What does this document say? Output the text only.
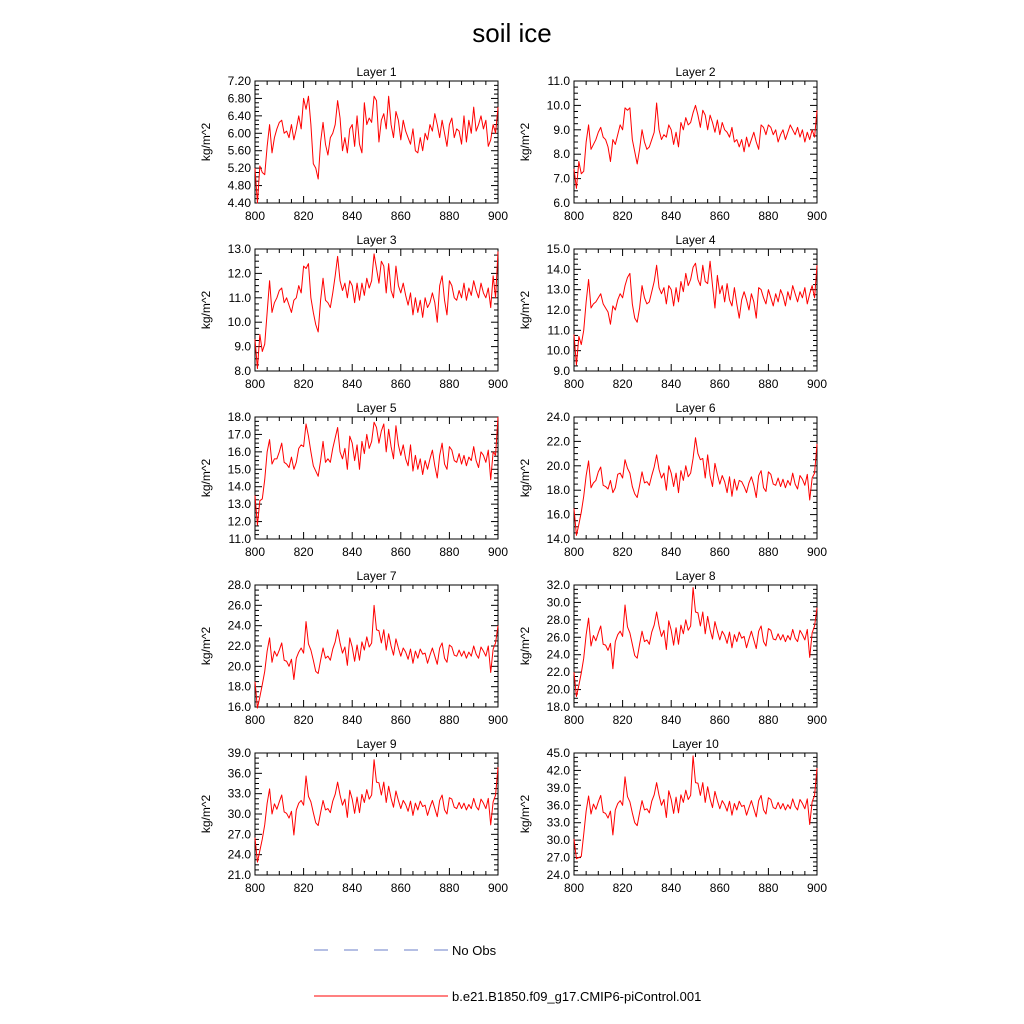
soil ice
Layer 1
4.40
4.80
5.20
5.60
6.00
6.40
6.80
7.20
800 820 840 860 880 900
kg/m^2
Layer 2
6.0
7.0
8.0
9.0
10.0
11.0
800 820 840 860 880 900
kg/m^2
Layer 3
8.0
9.0
10.0
11.0
12.0
13.0
800 820 840 860 880 900
kg/m^2
Layer 4
9.0
10.0
11.0
12.0
13.0
14.0
15.0
800 820 840 860 880 900
kg/m^2
Layer 5
11.0
12.0
13.0
14.0
15.0
16.0
17.0
18.0
800 820 840 860 880 900
kg/m^2
Layer 6
14.0
16.0
18.0
20.0
22.0
24.0
800 820 840 860 880 900
kg/m^2
Layer 7
16.0
18.0
20.0
22.0
24.0
26.0
28.0
800 820 840 860 880 900
kg/m^2
Layer 8
18.0
20.0
22.0
24.0
26.0
28.0
30.0
32.0
800 820 840 860 880 900
kg/m^2
Layer 9
21.0
24.0
27.0
30.0
33.0
36.0
39.0
800 820 840 860 880 900
kg/m^2
Layer 10
24.0
27.0
30.0
33.0
36.0
39.0
42.0
45.0
800 820 840 860 880 900
kg/m^2
No Obs
b.e21.B1850.f09_g17.CMIP6-piControl.001
